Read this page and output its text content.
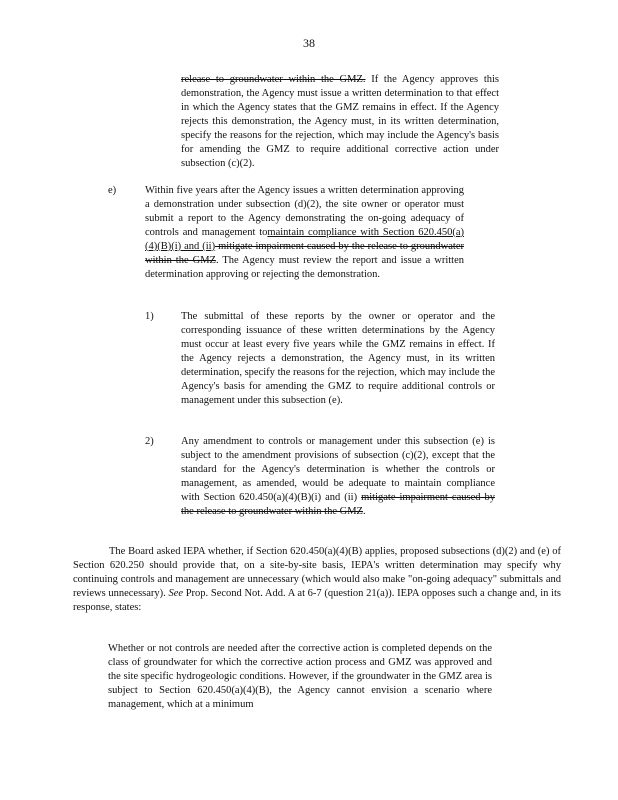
38
release to groundwater within the GMZ. If the Agency approves this demonstration, the Agency must issue a written determination to that effect in which the Agency states that the GMZ remains in effect. If the Agency rejects this demonstration, the Agency must, in its written determination, specify the reasons for the rejection, which may include the Agency's basis for amending the GMZ to require additional corrective action under subsection (c)(2).
e)	Within five years after the Agency issues a written determination approving a demonstration under subsection (d)(2), the site owner or operator must submit a report to the Agency demonstrating the on-going adequacy of controls and management tomaintain compliance with Section 620.450(a)(4)(B)(i) and (ii) mitigate impairment caused by the release to groundwater within the GMZ. The Agency must review the report and issue a written determination approving or rejecting the demonstration.
1)	The submittal of these reports by the owner or operator and the corresponding issuance of these written determinations by the Agency must occur at least every five years while the GMZ remains in effect. If the Agency rejects a demonstration, the Agency must, in its written determination, specify the reasons for the rejection, which may include the Agency's basis for amending the GMZ to require additional controls or management under this subsection (e).
2)	Any amendment to controls or management under this subsection (e) is subject to the amendment provisions of subsection (c)(2), except that the standard for the Agency's determination is whether the controls or management, as amended, would be adequate to maintain compliance with Section 620.450(a)(4)(B)(i) and (ii) mitigate impairment caused by the release to groundwater within the GMZ.
The Board asked IEPA whether, if Section 620.450(a)(4)(B) applies, proposed subsections (d)(2) and (e) of Section 620.250 should provide that, on a site-by-site basis, IEPA's written determination may specify why continuing controls and management are unnecessary (which would also make "on-going adequacy" submittals and reviews unnecessary). See Prop. Second Not. Add. A at 6-7 (question 21(a)). IEPA opposes such a change and, in its response, states:
Whether or not controls are needed after the corrective action is completed depends on the class of groundwater for which the corrective action process and GMZ was approved and the site specific hydrogeologic conditions. However, if the groundwater in the GMZ area is subject to Section 620.450(a)(4)(B), the Agency cannot envision a scenario where management, which at a minimum
